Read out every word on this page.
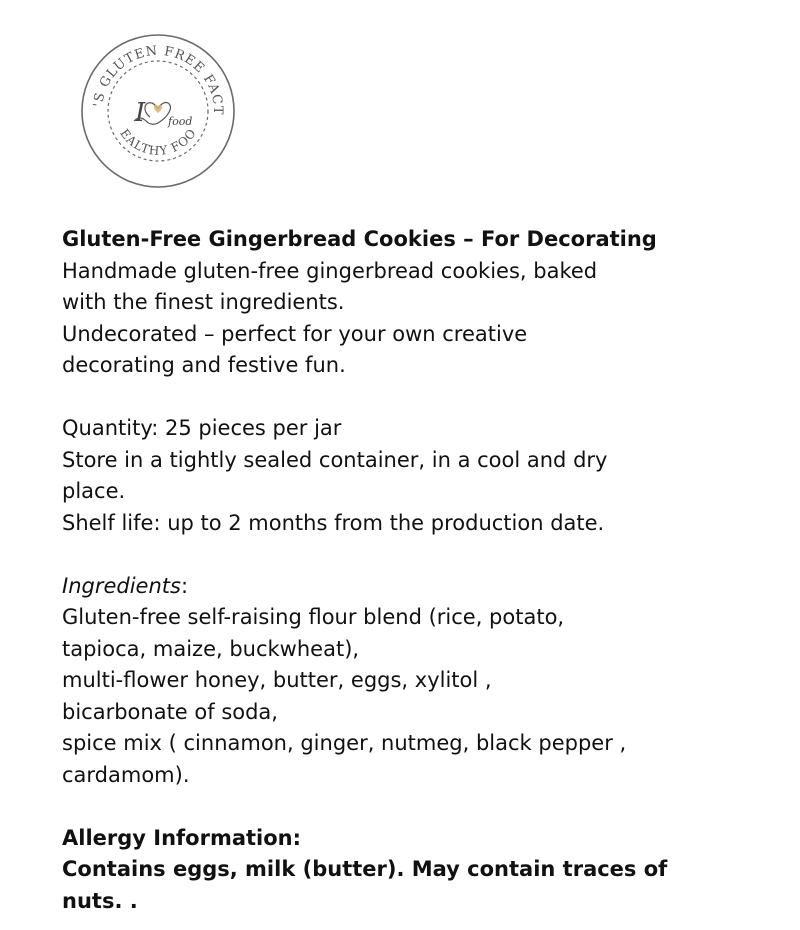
'S GLUTEN FREE FACT
EALTHY FOO
I food

Gluten-Free Gingerbread Cookies – For Decorating

Handmade gluten-free gingerbread cookies, baked

with the finest ingredients.

Undecorated – perfect for your own creative

decorating and festive fun.

Quantity: 25 pieces per jar

Store in a tightly sealed container, in a cool and dry

place.

Shelf life: up to 2 months from the production date.

Ingredients:

Gluten-free self-raising flour blend (rice, potato,

tapioca, maize, buckwheat),

multi-flower honey, butter, eggs, xylitol ,

bicarbonate of soda,

spice mix ( cinnamon, ginger, nutmeg, black pepper ,

cardamom).

Allergy Information:

Contains eggs, milk (butter). May contain traces of

nuts. .
